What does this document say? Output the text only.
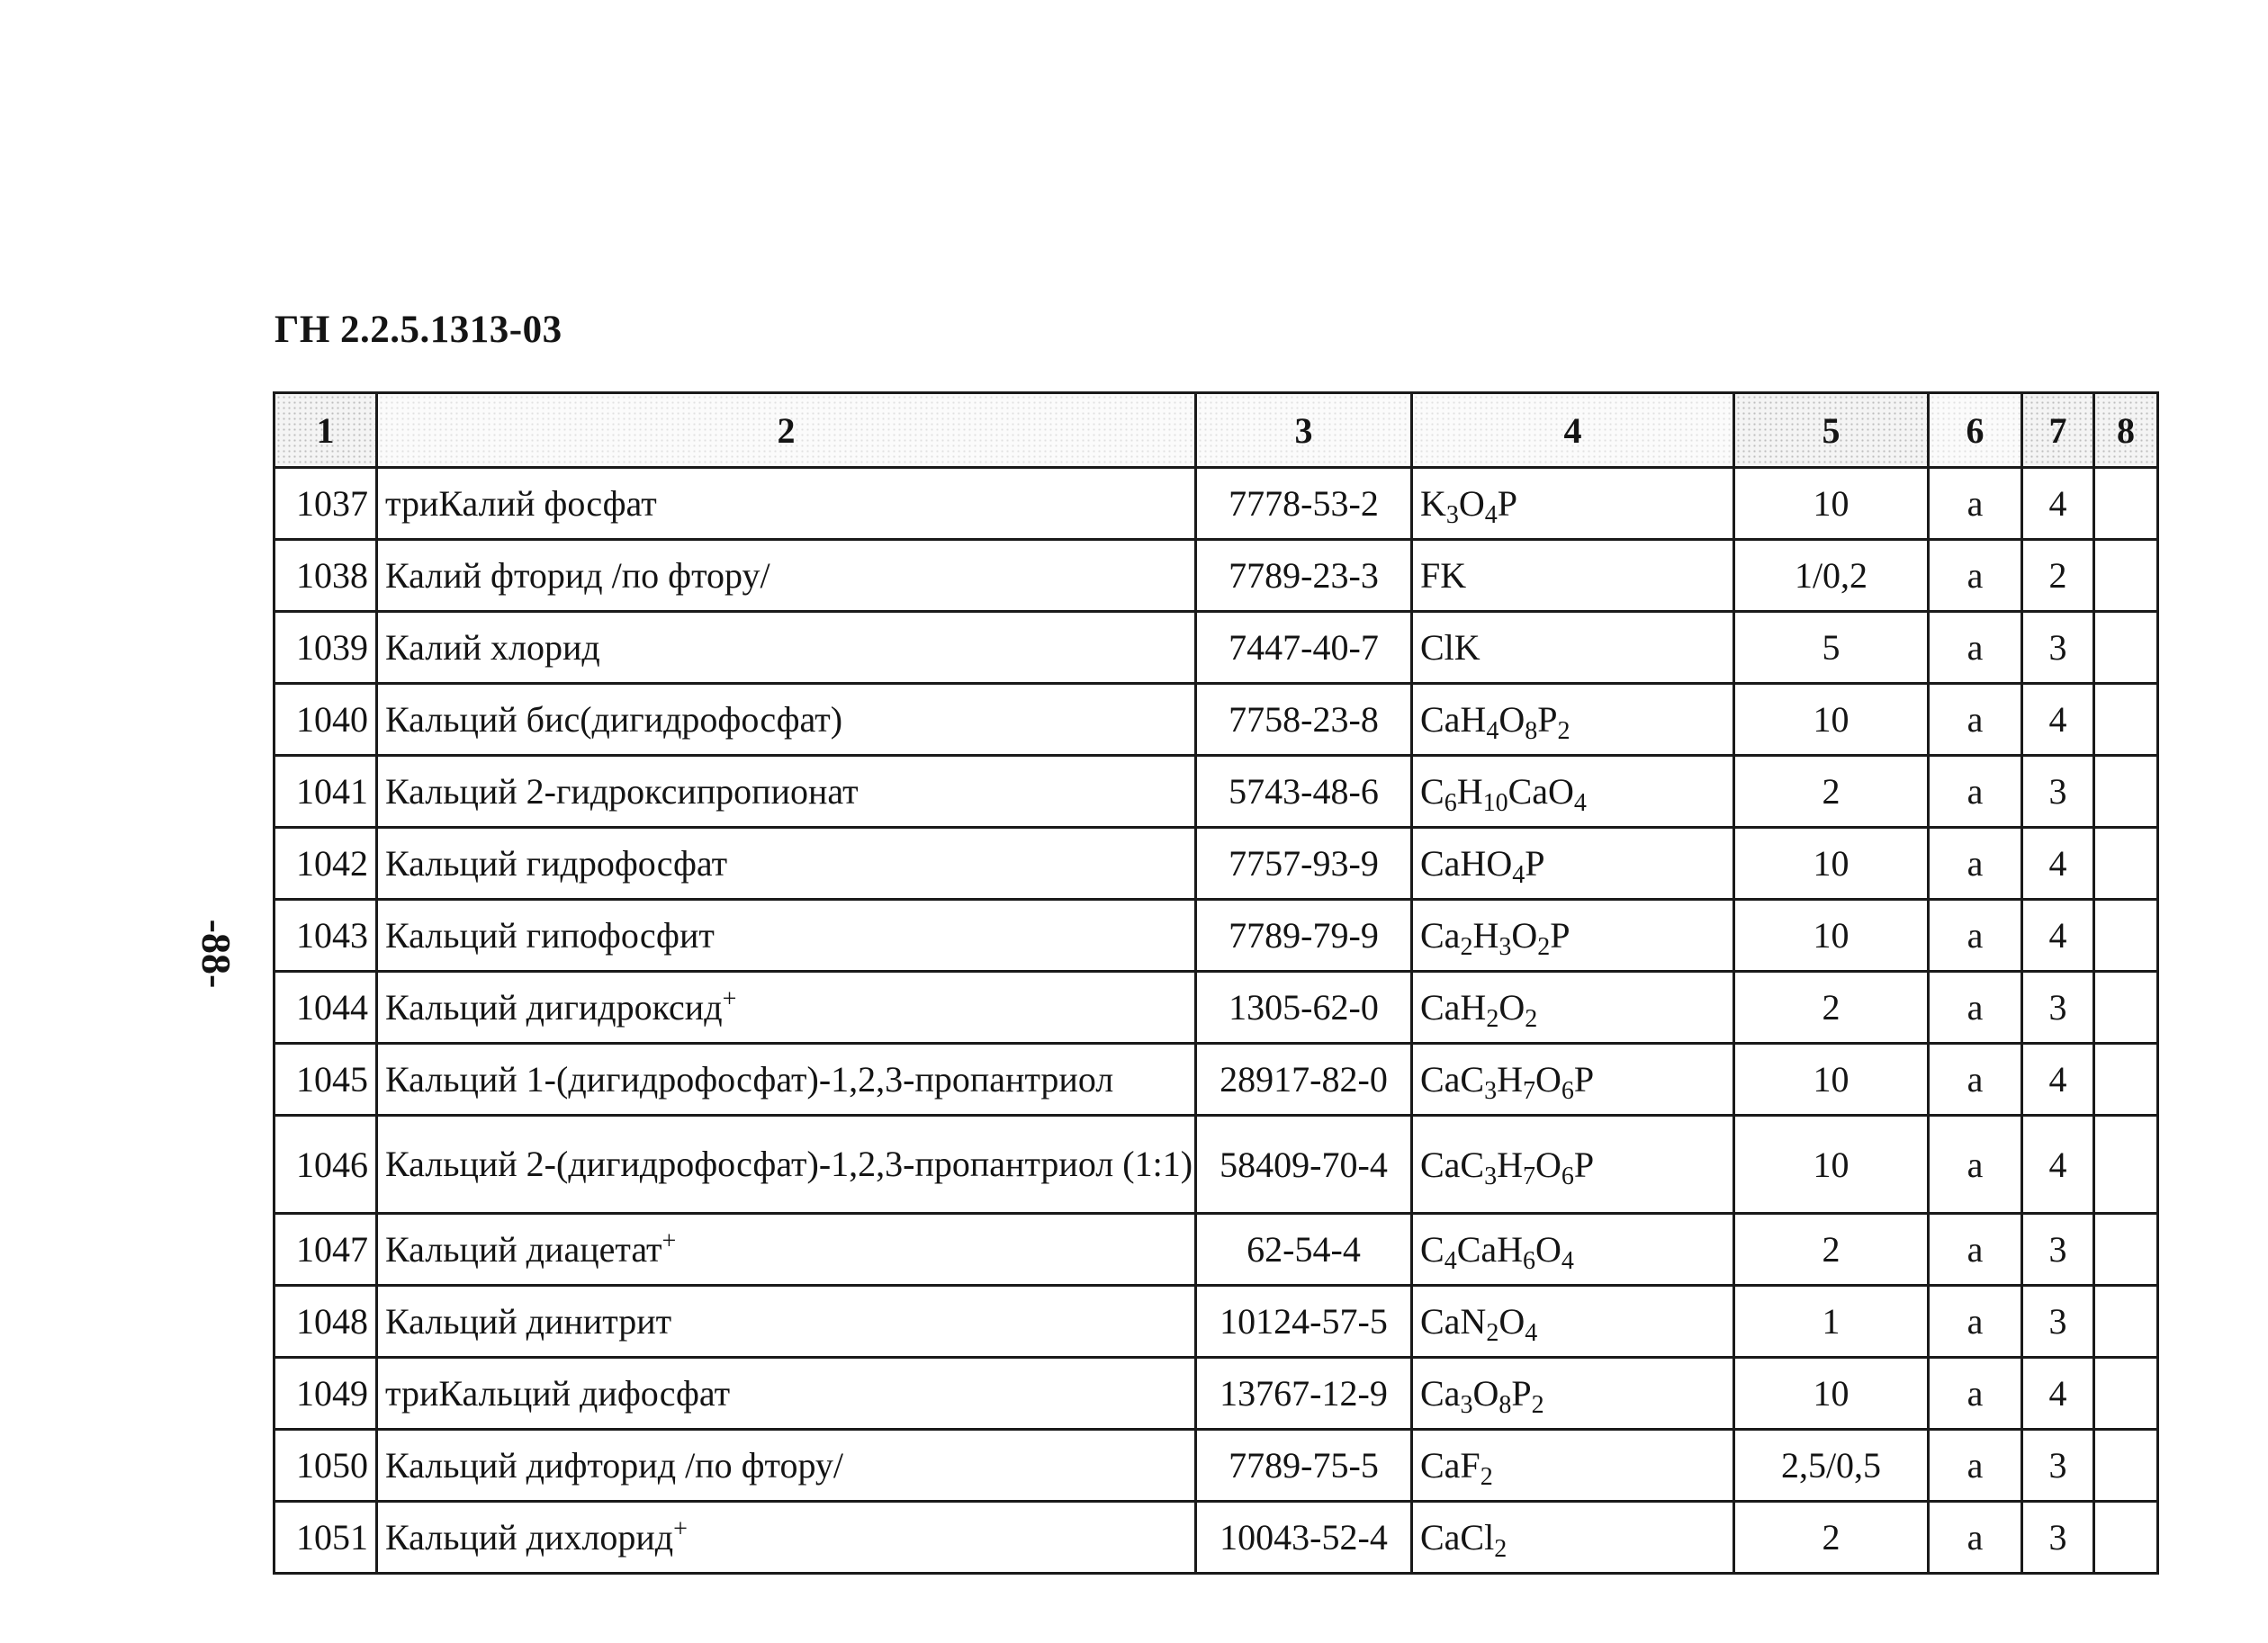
ГН 2.2.5.1313-03
-88-
1	2	3	4	5	6	7	8
1037	триКалий фосфат	7778-53-2	$K_3O_4P$	10	a	4	
1038	Калий фторид /по фтору/	7789-23-3	FK	1/0,2	a	2	
1039	Калий хлорид	7447-40-7	ClK	5	a	3	
1040	Кальций бис(дигидрофосфат)	7758-23-8	$CaH_4O_8P_2$	10	a	4	
1041	Кальций 2-гидроксипропионат	5743-48-6	$C_6H_{10}CaO_4$	2	a	3	
1042	Кальций гидрофосфат	7757-93-9	CaHO$_4$P	10	a	4	
1043	Кальций гипофосфит	7789-79-9	$Ca_2H_3O_2P$	10	a	4	
1044	Кальций дигидроксид+	1305-62-0	$CaH_2O_2$	2	a	3	
1045	Кальций 1-(дигидрофосфат)-1,2,3-пропантриол	28917-82-0	$CaC_3H_7O_6P$	10	a	4	
1046	Кальций 2-(дигидрофосфат)-1,2,3-пропантриол (1:1)	58409-70-4	$CaC_3H_7O_6P$	10	a	4	
1047	Кальций диацетат+	62-54-4	$C_4CaH_6O_4$	2	a	3	
1048	Кальций динитрит	10124-57-5	$CaN_2O_4$	1	a	3	
1049	триКальций дифосфат	13767-12-9	$Ca_3O_8P_2$	10	a	4	
1050	Кальций дифторид /по фтору/	7789-75-5	CaF$_2$	2,5/0,5	a	3	
1051	Кальций дихлорид+	10043-52-4	CaCl$_2$	2	a	3	
